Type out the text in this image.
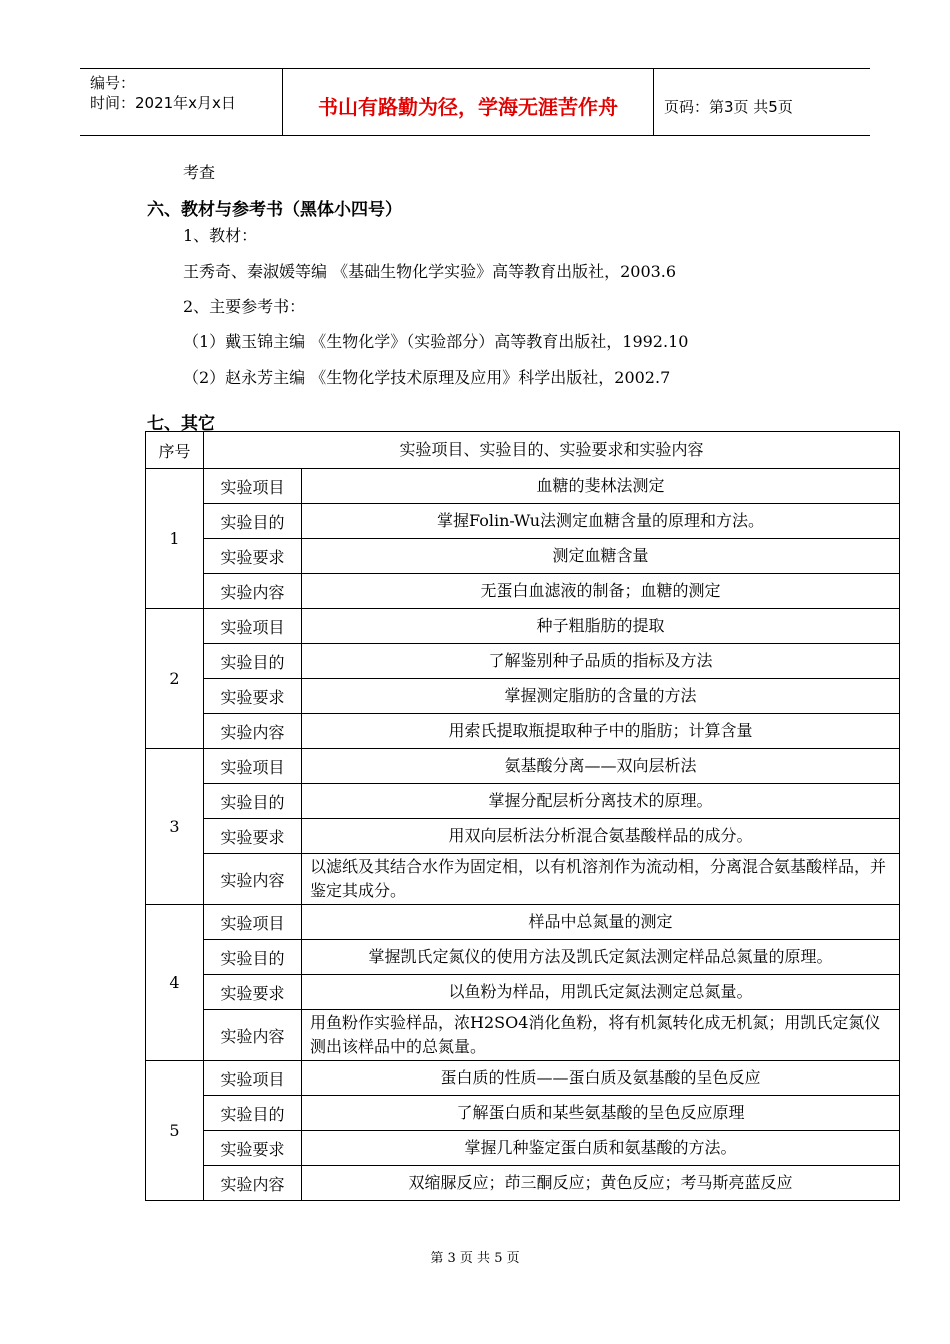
编号：
时间：2021年x月x日	书山有路勤为径，学海无涯苦作舟	页码：第3页 共5页
考查
六、教材与参考书（黑体小四号）
1、教材：
王秀奇、秦淑媛等编 《基础生物化学实验》高等教育出版社，2003.6
2、主要参考书：
（1）戴玉锦主编 《生物化学》（实验部分）高等教育出版社，1992.10
（2）赵永芳主编 《生物化学技术原理及应用》科学出版社，2002.7
七、其它
序号	实验项目、实验目的、实验要求和实验内容	
1	实验项目	血糖的斐林法测定
	实验目的	掌握Folin-Wu法测定血糖含量的原理和方法。
	实验要求	测定血糖含量
	实验内容	无蛋白血滤液的制备；血糖的测定
2	实验项目	种子粗脂肪的提取
	实验目的	了解鉴别种子品质的指标及方法
	实验要求	掌握测定脂肪的含量的方法
	实验内容	用索氏提取瓶提取种子中的脂肪；计算含量
3	实验项目	氨基酸分离——双向层析法
	实验目的	掌握分配层析分离技术的原理。
	实验要求	用双向层析法分析混合氨基酸样品的成分。
	实验内容	以滤纸及其结合水作为固定相，以有机溶剂作为流动相，分离混合氨基酸样品，并鉴定其成分。
4	实验项目	样品中总氮量的测定
	实验目的	掌握凯氏定氮仪的使用方法及凯氏定氮法测定样品总氮量的原理。
	实验要求	以鱼粉为样品，用凯氏定氮法测定总氮量。
	实验内容	用鱼粉作实验样品，浓H2SO4消化鱼粉，将有机氮转化成无机氮；用凯氏定氮仪测出该样品中的总氮量。
5	实验项目	蛋白质的性质——蛋白质及氨基酸的呈色反应
	实验目的	了解蛋白质和某些氨基酸的呈色反应原理
	实验要求	掌握几种鉴定蛋白质和氨基酸的方法。
	实验内容	双缩脲反应；茚三酮反应；黄色反应；考马斯亮蓝反应
第 3 页 共 5 页
